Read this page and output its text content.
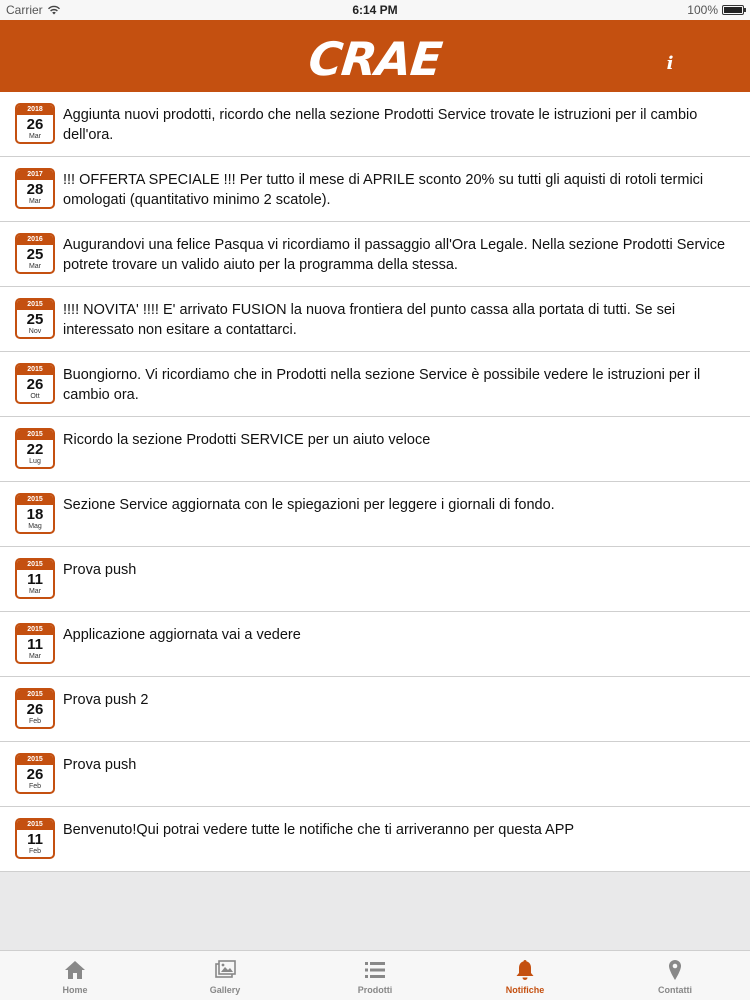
Carrier	6:14 PM	100%
CRAE	i
2018
26
Mar
Aggiunta nuovi prodotti, ricordo che nella sezione Prodotti Service trovate le istruzioni per il cambio dell'ora.
2017
28
Mar
!!! OFFERTA SPECIALE !!! Per tutto il mese di APRILE sconto 20% su tutti gli aquisti di rotoli termici omologati (quantitativo minimo 2 scatole).
2016
25
Mar
Augurandovi una felice Pasqua vi ricordiamo il passaggio all'Ora Legale. Nella sezione Prodotti Service potrete trovare un valido aiuto per la programma della stessa.
2015
25
Nov
!!!! NOVITA' !!!! E' arrivato FUSION la nuova frontiera del punto cassa alla portata di tutti. Se sei interessato non esitare a contattarci.
2015
26
Ott
Buongiorno. Vi ricordiamo che in Prodotti nella sezione Service è possibile vedere le istruzioni per il cambio ora.
2015
22
Lug
Ricordo la sezione Prodotti SERVICE per un aiuto veloce
2015
18
Mag
Sezione Service aggiornata con le spiegazioni per leggere i giornali di fondo.
2015
11
Mar
Prova push
2015
11
Mar
Applicazione aggiornata vai a vedere
2015
26
Feb
Prova push 2
2015
26
Feb
Prova push
2015
11
Feb
Benvenuto!Qui potrai vedere tutte le notifiche che ti arriveranno per questa APP
Home	Gallery	Prodotti	Notifiche	Contatti
